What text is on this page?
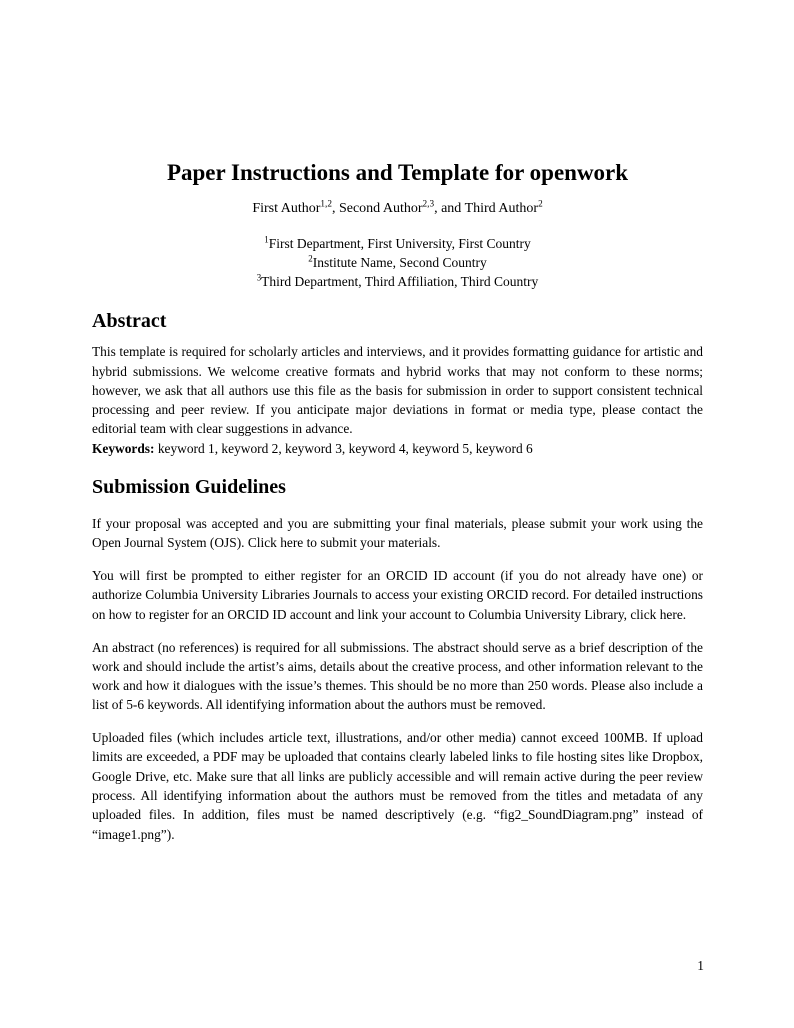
Paper Instructions and Template for openwork
First Author$^{1,2}$, Second Author$^{2,3}$, and Third Author$^2$
$^1$First Department, First University, First Country
$^2$Institute Name, Second Country
$^3$Third Department, Third Affiliation, Third Country
Abstract

This template is required for scholarly articles and interviews, and it provides formatting guidance for artistic and hybrid submissions. We welcome creative formats and hybrid works that may not conform to these norms; however, we ask that all authors use this file as the basis for submission in order to support consistent technical processing and peer review. If you anticipate major deviations in format or media type, please contact the editorial team with clear suggestions in advance.

Keywords: keyword 1, keyword 2, keyword 3, keyword 4, keyword 5, keyword 6
Submission Guidelines

If your proposal was accepted and you are submitting your final materials, please submit your work using the Open Journal System (OJS). Click here to submit your materials.

You will first be prompted to either register for an ORCID ID account (if you do not already have one) or authorize Columbia University Libraries Journals to access your existing ORCID record. For detailed instructions on how to register for an ORCID ID account and link your account to Columbia University Library, click here.

An abstract (no references) is required for all submissions. The abstract should serve as a brief description of the work and should include the artist’s aims, details about the creative process, and other information relevant to the work and how it dialogues with the issue’s themes. This should be no more than 250 words. Please also include a list of 5-6 keywords. All identifying information about the authors must be removed.

Uploaded files (which includes article text, illustrations, and/or other media) cannot exceed 100MB. If upload limits are exceeded, a PDF may be uploaded that contains clearly labeled links to file hosting sites like Dropbox, Google Drive, etc. Make sure that all links are publicly accessible and will remain active during the peer review process. All identifying information about the authors must be removed from the titles and metadata of any uploaded files. In addition, files must be named descriptively (e.g. “fig2_SoundDiagram.png” instead of “image1.png”).

1
